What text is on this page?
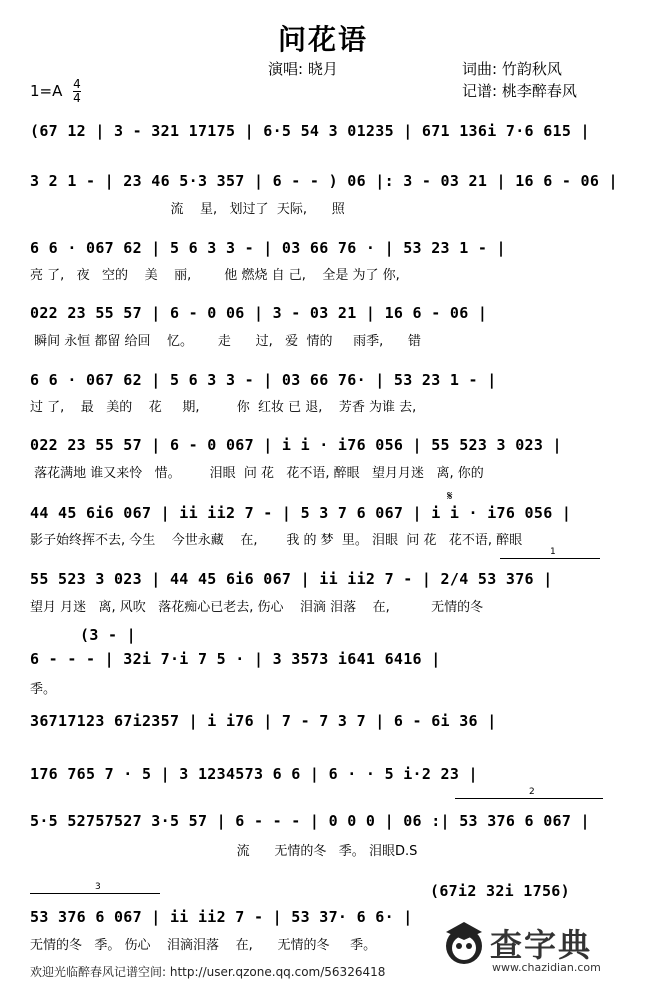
问花语
演唱: 晓月	词曲: 竹韵秋风
记谱: 桃李醉春风
$1=A \frac{4}{4}$
(67 12 | 3 - 321 17175 | 6·5 54 3 01235 | 671 136i 7·6 615 |
3 2 1 - | 23 46 5·3 357 | 6 - - ) 06 |: 3 - 03 21 | 16 6 - 06 |
流    星,   划过了  天际,      照
6 6 · 067 62 | 5 6 3 3 - | 03 66 76 · | 53 23 1 - |
亮 了,   夜   空的    美    丽,        他 燃烧 自 己,    全是 为了 你,
022 23 55 57 | 6 - 0 06 | 3 - 03 21 | 16 6 - 06 |
瞬间 永恒 都留 给回    忆。      走      过,   爱  情的     雨季,      错
6 6 · 067 62 | 5 6 3 3 - | 03 66 76· | 53 23 1 - |
过 了,    最   美的    花     期,         你  红妆 已 退,    芳香 为谁 去,
022 23 55 57 | 6 - 0 067 | i i · i76 056 | 55 523 3 023 |
落花满地 谁又来怜   惜。       泪眼  问 花   花不语, 醉眼   望月月迷   离, 你的
𝄋
44 45 6i6 067 | ii ii2 7 - | 5 3 7 6 067 | i i · i76 056 |
影子始终挥不去, 今生    今世永藏    在,       我 的 梦  里。 泪眼  问 花   花不语, 醉眼
1
55 523 3 023 | 44 45 6i6 067 | ii ii2 7 - | 2/4 53 376 |
望月 月迷   离, 风吹   落花痴心已老去, 伤心    泪滴 泪落    在,          无情的冬
(3 - |
6 - - - | 32i 7·i 7 5 · | 3 3573 i641 6416 |
季。
36717123 67i2357 | i i76 | 7 - 7 3 7 | 6 - 6i 36 |
176 765 7 · 5 | 3 1234573 6 6 | 6 · · 5 i·2 23 |
2
5·5 52757527 3·5 57 | 6 - - - | 0 0 0 | 06 :| 53 376 6 067 |
流      无情的冬   季。 泪眼D.S
3	(67i2 32i 1756)
53 376 6 067 | ii ii2 7 - | 53 37· 6 6· |
无情的冬   季。 伤心    泪滴泪落    在,      无情的冬     季。
欢迎光临醉春风记谱空间: http://user.qzone.qq.com/56326418
查字典
www.chazidian.com
